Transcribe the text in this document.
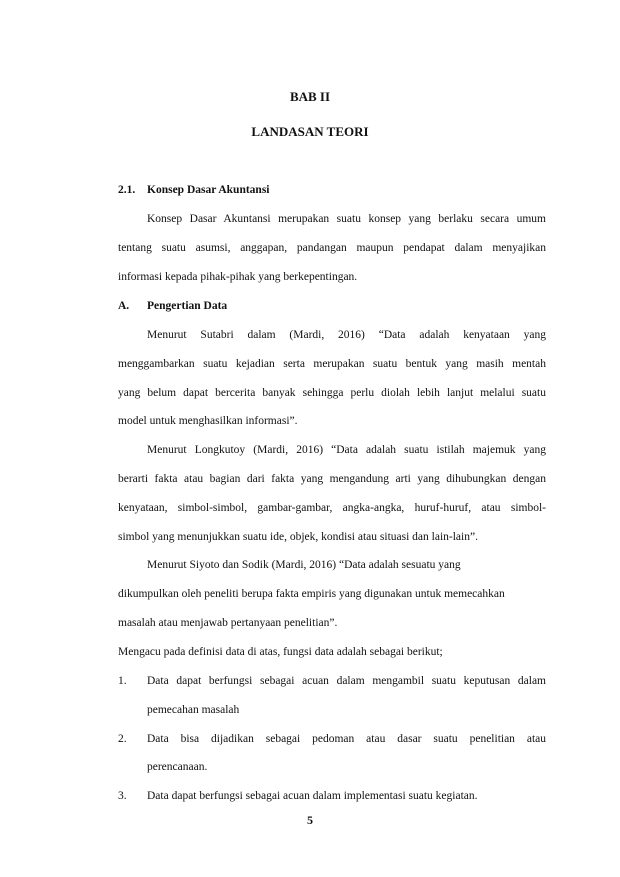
BAB II
LANDASAN TEORI
2.1. Konsep Dasar Akuntansi
Konsep Dasar Akuntansi merupakan suatu konsep yang berlaku secara umum
tentang suatu asumsi, anggapan, pandangan maupun pendapat dalam menyajikan
informasi kepada pihak-pihak yang berkepentingan.
A. Pengertian Data
Menurut Sutabri dalam (Mardi, 2016) “Data adalah kenyataan yang
menggambarkan suatu kejadian serta merupakan suatu bentuk yang masih mentah
yang belum dapat bercerita banyak sehingga perlu diolah lebih lanjut melalui suatu
model untuk menghasilkan informasi”.
Menurut Longkutoy (Mardi, 2016) “Data adalah suatu istilah majemuk yang
berarti fakta atau bagian dari fakta yang mengandung arti yang dihubungkan dengan
kenyataan, simbol-simbol, gambar-gambar, angka-angka, huruf-huruf, atau simbol-
simbol yang menunjukkan suatu ide, objek, kondisi atau situasi dan lain-lain”.
Menurut Siyoto dan Sodik (Mardi, 2016) “Data adalah sesuatu yang
dikumpulkan oleh peneliti berupa fakta empiris yang digunakan untuk memecahkan
masalah atau menjawab pertanyaan penelitian”.
Mengacu pada definisi data di atas, fungsi data adalah sebagai berikut;
1. Data dapat berfungsi sebagai acuan dalam mengambil suatu keputusan dalam
pemecahan masalah
2. Data bisa dijadikan sebagai pedoman atau dasar suatu penelitian atau
perencanaan.
3. Data dapat berfungsi sebagai acuan dalam implementasi suatu kegiatan.
5
